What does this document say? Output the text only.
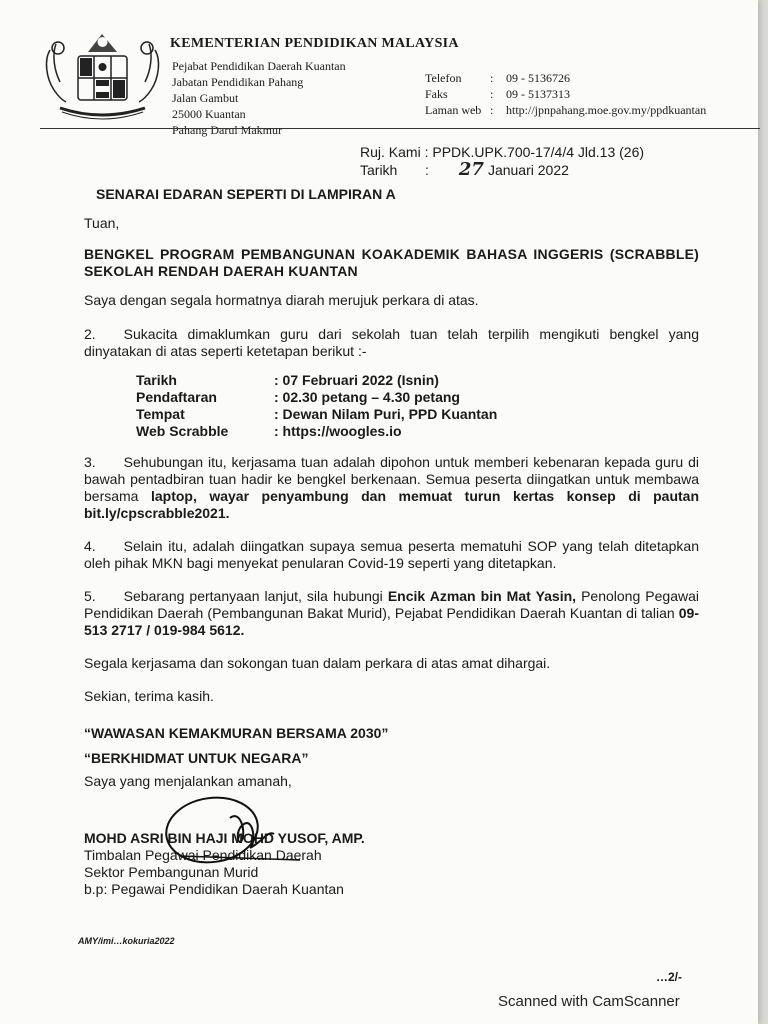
KEMENTERIAN PENDIDIKAN MALAYSIA
Pejabat Pendidikan Daerah Kuantan
Jabatan Pendidikan Pahang
Jalan Gambut
25000 Kuantan
Pahang Darul Makmur
Telefon	:	09 - 5136726
Faks	:	09 - 5137313
Laman web :	http://jpnpahang.moe.gov.my/ppdkuantan
Ruj. Kami :
PPDK.UPK.700-17/4/4 Jld.13 (26)
Tarikh	: 27 Januari 2022

SENARAI EDARAN SEPERTI DI LAMPIRAN A

Tuan,

BENGKEL PROGRAM PEMBANGUNAN KOAKADEMIK BAHASA INGGERIS (SCRABBLE) SEKOLAH RENDAH DAERAH KUANTAN

Saya dengan segala hormatnya diarah merujuk perkara di atas.

2.  Sukacita dimaklumkan guru dari sekolah tuan telah terpilih mengikuti bengkel yang dinyatakan di atas seperti ketetapan berikut :-

Tarikh	: 07 Februari 2022 (Isnin)
Pendaftaran	: 02.30 petang – 4.30 petang
Tempat	: Dewan Nilam Puri, PPD Kuantan
Web Scrabble	: https://woogles.io

3.  Sehubungan itu, kerjasama tuan adalah dipohon untuk memberi kebenaran kepada guru di bawah pentadbiran tuan hadir ke bengkel berkenaan. Semua peserta diingatkan untuk membawa bersama laptop, wayar penyambung dan memuat turun kertas konsep di pautan bit.ly/cpscrabble2021.

4.  Selain itu, adalah diingatkan supaya semua peserta mematuhi SOP yang telah ditetapkan oleh pihak MKN bagi menyekat penularan Covid-19 seperti yang ditetapkan.

5.  Sebarang pertanyaan lanjut, sila hubungi Encik Azman bin Mat Yasin, Penolong Pegawai Pendidikan Daerah (Pembangunan Bakat Murid), Pejabat Pendidikan Daerah Kuantan di talian 09-513 2717 / 019-984 5612.

Segala kerjasama dan sokongan tuan dalam perkara di atas amat dihargai.

Sekian, terima kasih.

“WAWASAN KEMAKMURAN BERSAMA 2030”

“BERKHIDMAT UNTUK NEGARA”

Saya yang menjalankan amanah,

MOHD ASRI BIN HAJI MOHD YUSOF, AMP.

Timbalan Pegawai Pendidikan Daerah

Sektor Pembangunan Murid

b.p: Pegawai Pendidikan Daerah Kuantan

AMY/imi…kokuria2022
…2/-
Scanned with CamScanner
